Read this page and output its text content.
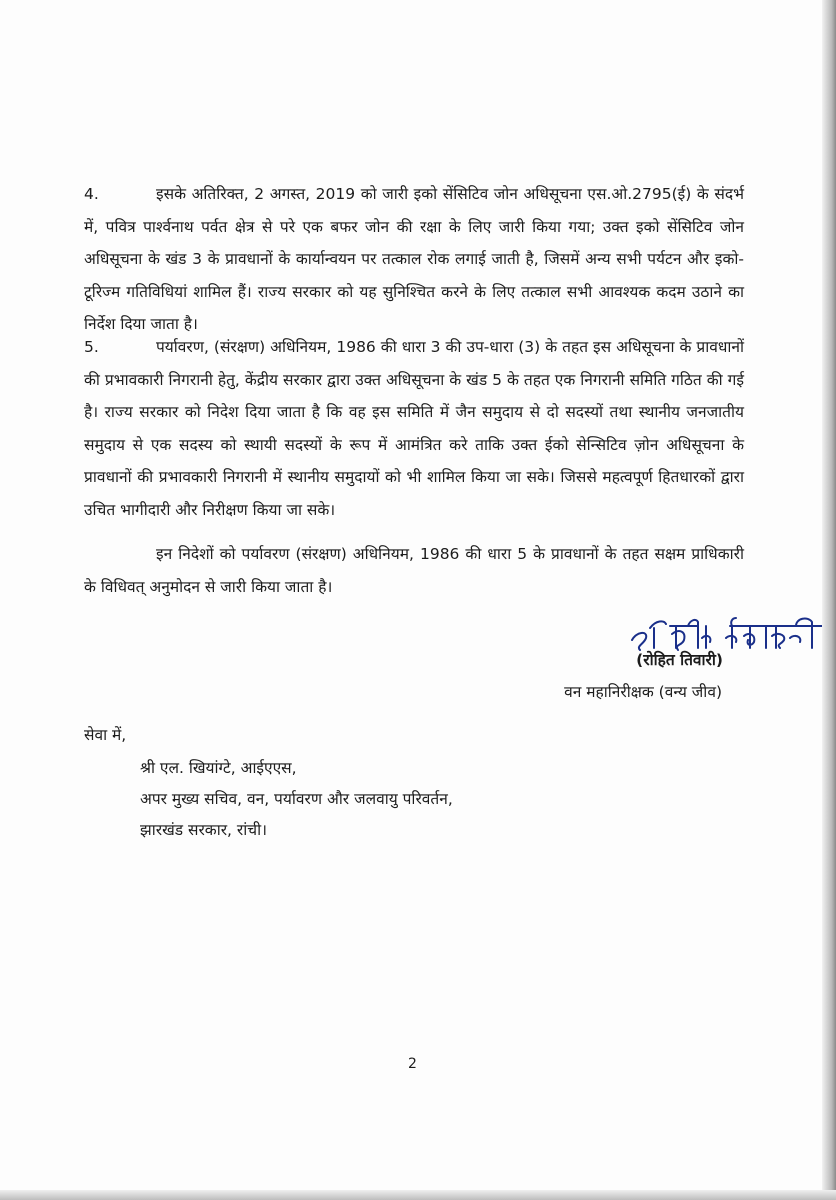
4.	इसके अतिरिक्त, 2 अगस्त, 2019 को जारी इको सेंसिटिव जोन अधिसूचना एस.ओ.2795(ई) के संदर्भ में, पवित्र पार्श्वनाथ पर्वत क्षेत्र से परे एक बफर जोन की रक्षा के लिए जारी किया गया; उक्त इको सेंसिटिव जोन अधिसूचना के खंड 3 के प्रावधानों के कार्यान्वयन पर तत्काल रोक लगाई जाती है, जिसमें अन्य सभी पर्यटन और इको-टूरिज्म गतिविधियां शामिल हैं। राज्य सरकार को यह सुनिश्चित करने के लिए तत्काल सभी आवश्यक कदम उठाने का निर्देश दिया जाता है।

5.	पर्यावरण, (संरक्षण) अधिनियम, 1986 की धारा 3 की उप-धारा (3) के तहत इस अधिसूचना के प्रावधानों की प्रभावकारी निगरानी हेतु, केंद्रीय सरकार द्वारा उक्त अधिसूचना के खंड 5 के तहत एक निगरानी समिति गठित की गई है। राज्य सरकार को निदेश दिया जाता है कि वह इस समिति में जैन समुदाय से दो सदस्यों तथा स्थानीय जनजातीय समुदाय से एक सदस्य को स्थायी सदस्यों के रूप में आमंत्रित करे ताकि उक्त ईको सेन्सिटिव ज़ोन अधिसूचना के प्रावधानों की प्रभावकारी निगरानी में स्थानीय समुदायों को भी शामिल किया जा सके। जिससे महत्वपूर्ण हितधारकों द्वारा उचित भागीदारी और निरीक्षण किया जा सके।

इन निदेशों को पर्यावरण (संरक्षण) अधिनियम, 1986 की धारा 5 के प्रावधानों के तहत सक्षम प्राधिकारी के विधिवत् अनुमोदन से जारी किया जाता है।

(रोहित तिवारी)

वन महानिरीक्षक (वन्य जीव)

सेवा में,

श्री एल. खियांग्टे, आईएएस,

अपर मुख्य सचिव, वन, पर्यावरण और जलवायु परिवर्तन,

झारखंड सरकार, रांची।

2
